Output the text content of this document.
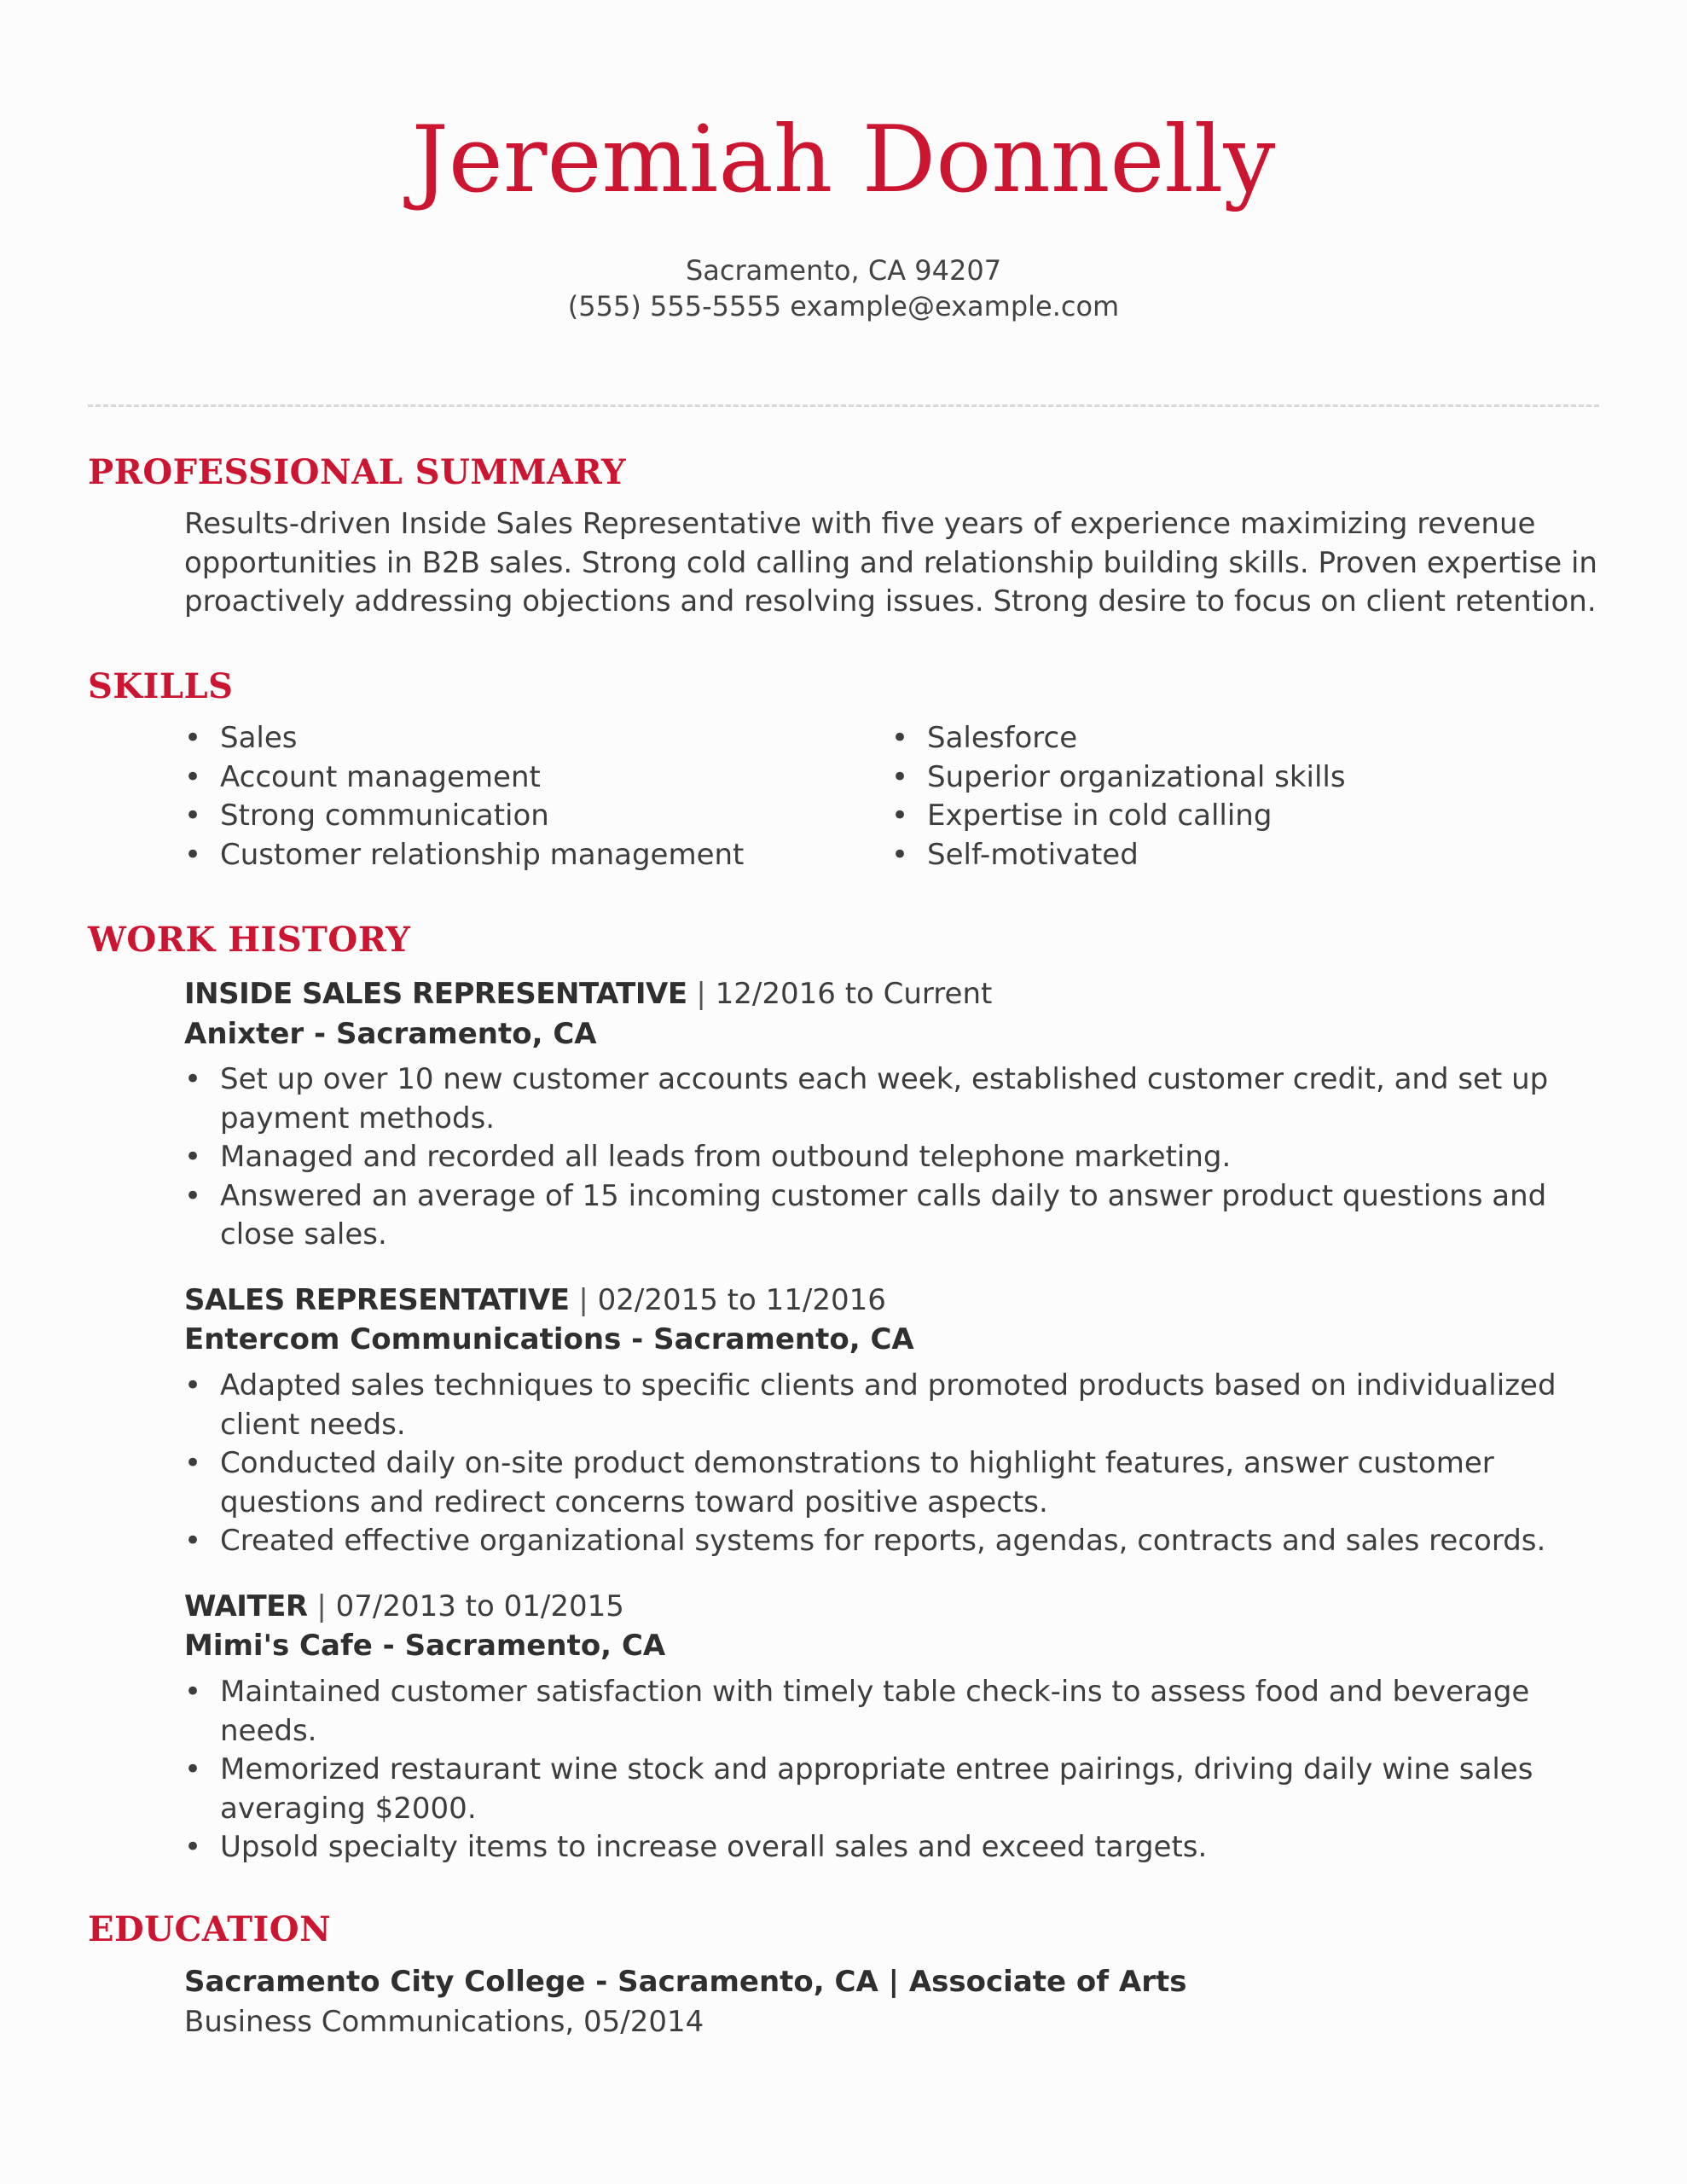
Jeremiah Donnelly
Sacramento, CA 94207
(555) 555-5555 example@example.com
PROFESSIONAL SUMMARY
Results-driven Inside Sales Representative with five years of experience maximizing revenue
opportunities in B2B sales. Strong cold calling and relationship building skills. Proven expertise in
proactively addressing objections and resolving issues. Strong desire to focus on client retention.
SKILLS
• Sales
• Account management
• Strong communication
• Customer relationship management
• Salesforce
• Superior organizational skills
• Expertise in cold calling
• Self-motivated
WORK HISTORY
INSIDE SALES REPRESENTATIVE | 12/2016 to Current
Anixter - Sacramento, CA
• Set up over 10 new customer accounts each week, established customer credit, and set up
payment methods.
• Managed and recorded all leads from outbound telephone marketing.
• Answered an average of 15 incoming customer calls daily to answer product questions and
close sales.
SALES REPRESENTATIVE | 02/2015 to 11/2016
Entercom Communications - Sacramento, CA
• Adapted sales techniques to specific clients and promoted products based on individualized
client needs.
• Conducted daily on-site product demonstrations to highlight features, answer customer
questions and redirect concerns toward positive aspects.
• Created effective organizational systems for reports, agendas, contracts and sales records.
WAITER | 07/2013 to 01/2015
Mimi's Cafe - Sacramento, CA
• Maintained customer satisfaction with timely table check-ins to assess food and beverage
needs.
• Memorized restaurant wine stock and appropriate entree pairings, driving daily wine sales
averaging $2000.
• Upsold specialty items to increase overall sales and exceed targets.
EDUCATION
Sacramento City College - Sacramento, CA | Associate of Arts
Business Communications, 05/2014
